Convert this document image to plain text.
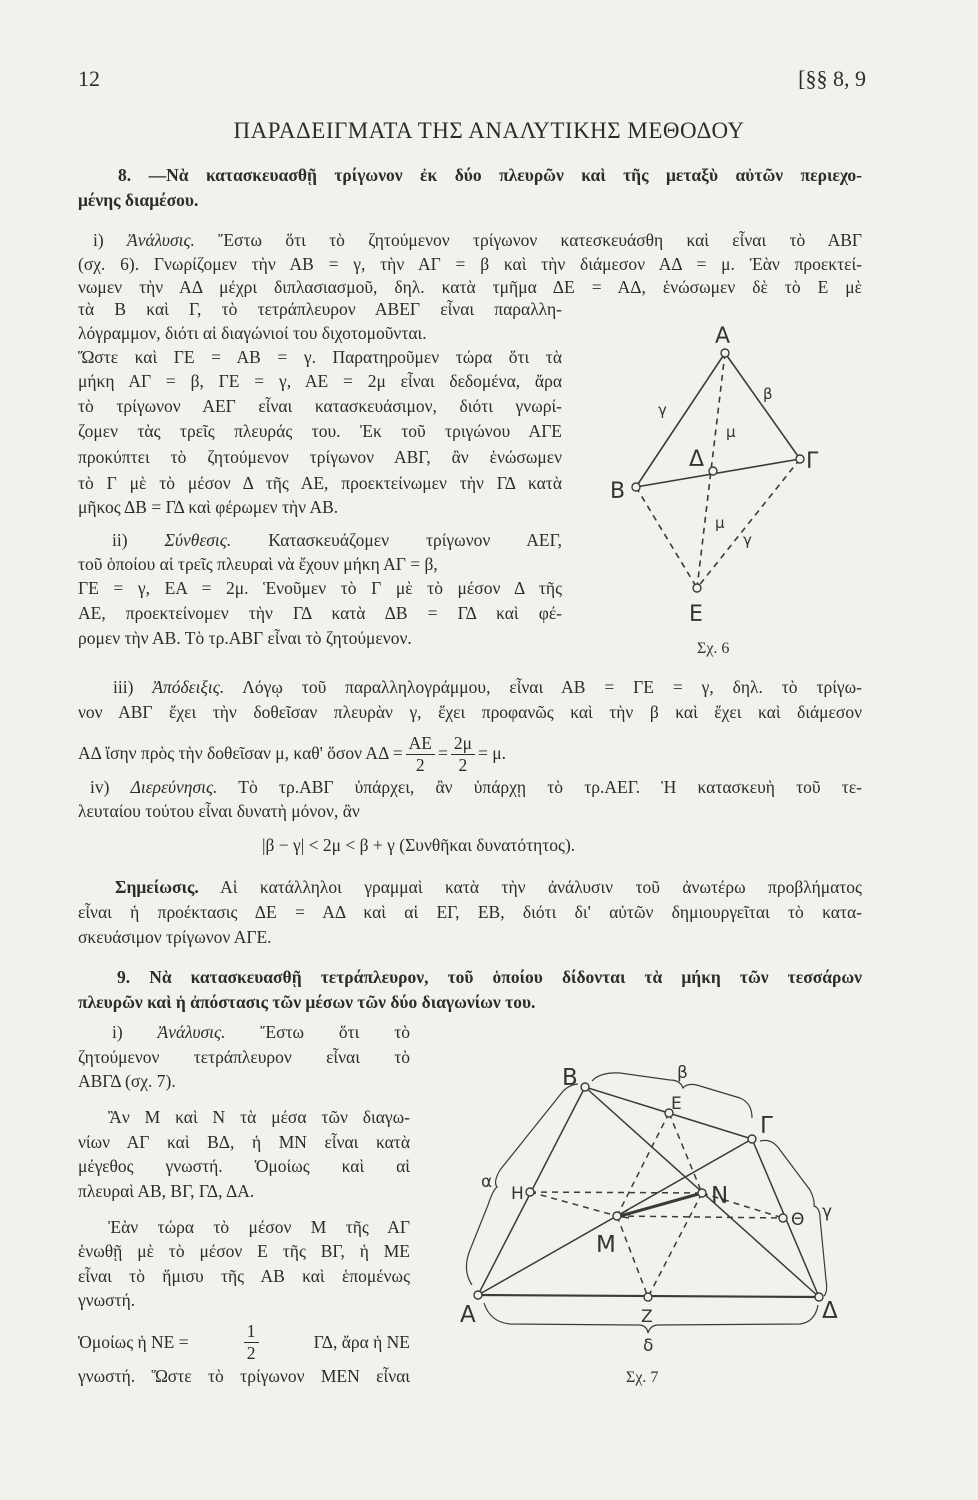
12	[§§ 8, 9
ΠΑΡΑΔΕΙΓΜΑΤΑ ΤΗΣ ΑΝΑΛΥΤΙΚΗΣ ΜΕΘΟΔΟΥ
8. —Νὰ κατασκευασθῇ τρίγωνον ἐκ δύο πλευρῶν καὶ τῆς μεταξὺ αὐτῶν περιεχο-
μένης διαμέσου.
i) Ἀνάλυσις. Ἔστω ὅτι τὸ ζητούμενον τρίγωνον κατεσκευάσθη καὶ εἶναι τὸ ΑΒΓ
(σχ. 6). Γνωρίζομεν τὴν ΑΒ = γ, τὴν ΑΓ = β καὶ τὴν διάμεσον ΑΔ = μ. Ἐὰν προεκτεί-
νωμεν τὴν ΑΔ μέχρι διπλασιασμοῦ, δηλ. κατὰ τμῆμα ΔΕ = ΑΔ, ἑνώσωμεν δὲ τὸ Ε μὲ
τὰ Β καὶ Γ, τὸ τετράπλευρον ΑΒΕΓ εἶναι παραλλη-
λόγραμμον, διότι αἱ διαγώνιοί του διχοτομοῦνται.
Ὥστε καὶ ΓΕ = ΑΒ = γ. Παρατηροῦμεν τώρα ὅτι τὰ
μήκη ΑΓ = β, ΓΕ = γ, ΑΕ = 2μ εἶναι δεδομένα, ἄρα
τὸ τρίγωνον ΑΕΓ εἶναι κατασκευάσιμον, διότι γνωρί-
ζομεν τὰς τρεῖς πλευράς του. Ἐκ τοῦ τριγώνου ΑΓΕ
προκύπτει τὸ ζητούμενον τρίγωνον ΑΒΓ, ἂν ἑνώσωμεν
τὸ Γ μὲ τὸ μέσον Δ τῆς ΑΕ, προεκτείνωμεν τὴν ΓΔ κατὰ
μῆκος ΔΒ = ΓΔ καὶ φέρωμεν τὴν ΑΒ.
ii) Σύνθεσις. Κατασκευάζομεν τρίγωνον ΑΕΓ,
τοῦ ὁποίου αἱ τρεῖς πλευραὶ νὰ ἔχουν μήκη ΑΓ = β,
ΓΕ = γ, ΕΑ = 2μ. Ἑνοῦμεν τὸ Γ μὲ τὸ μέσον Δ τῆς
ΑΕ, προεκτείνομεν τὴν ΓΔ κατὰ ΔΒ = ΓΔ καὶ φέ-
ρομεν τὴν ΑΒ. Τὸ τρ.ΑΒΓ εἶναι τὸ ζητούμενον.
iii) Ἀπόδειξις. Λόγῳ τοῦ παραλληλογράμμου, εἶναι ΑΒ = ΓΕ = γ, δηλ. τὸ τρίγω-
νον ΑΒΓ ἔχει τὴν δοθεῖσαν πλευρὰν γ, ἔχει προφανῶς καὶ τὴν β καὶ ἔχει καὶ διάμεσον
ΑΔ ἴσην πρὸς τὴν δοθεῖσαν μ, καθ' ὅσον $A\Delta = \frac{AE}{2} = \frac{2\mu}{2} = \mu$.
iv) Διερεύνησις. Τὸ τρ.ΑΒΓ ὑπάρχει, ἂν ὑπάρχῃ τὸ τρ.ΑΕΓ. Ἡ κατασκευὴ τοῦ τε-
λευταίου τούτου εἶναι δυνατὴ μόνον, ἂν
|β − γ| < 2μ < β + γ (Συνθῆκαι δυνατότητος).
Σημείωσις. Αἱ κατάλληλοι γραμμαὶ κατὰ τὴν ἀνάλυσιν τοῦ ἀνωτέρω προβλήματος
εἶναι ἡ προέκτασις ΔΕ = ΑΔ καὶ αἱ ΕΓ, ΕΒ, διότι δι' αὐτῶν δημιουργεῖται τὸ κατα-
σκευάσιμον τρίγωνον ΑΓΕ.
9. Νὰ κατασκευασθῇ τετράπλευρον, τοῦ ὁποίου δίδονται τὰ μήκη τῶν τεσσάρων
πλευρῶν καὶ ἡ ἀπόστασις τῶν μέσων τῶν δύο διαγωνίων του.
i) Ἀνάλυσις. Ἔστω ὅτι τὸ
ζητούμενον τετράπλευρον εἶναι τὸ
ΑΒΓΔ (σχ. 7).
Ἂν Μ καὶ Ν τὰ μέσα τῶν διαγω-
νίων ΑΓ καὶ ΒΔ, ἡ ΜΝ εἶναι κατὰ
μέγεθος γνωστή. Ὁμοίως καὶ αἱ
πλευραὶ ΑΒ, ΒΓ, ΓΔ, ΔΑ.
Ἐὰν τώρα τὸ μέσον Μ τῆς ΑΓ
ἑνωθῇ μὲ τὸ μέσον Ε τῆς ΒΓ, ἡ ΜΕ
εἶναι τὸ ἥμισυ τῆς ΑΒ καὶ ἑπομένως
γνωστή.
Ὁμοίως ἡ ΝΕ =	$\frac{1}{2}$	ΓΔ, ἄρα ἡ ΝΕ
γνωστή. Ὥστε τὸ τρίγωνον ΜΕΝ εἶναι
Α
Β
Γ
Δ
Ε
β
γ
γ
μ
μ
Σχ. 6
Α
Β
Γ
Δ
Ν
Μ
Ε
Ζ
Η
Θ
α
β
γ
δ
Σχ. 7
